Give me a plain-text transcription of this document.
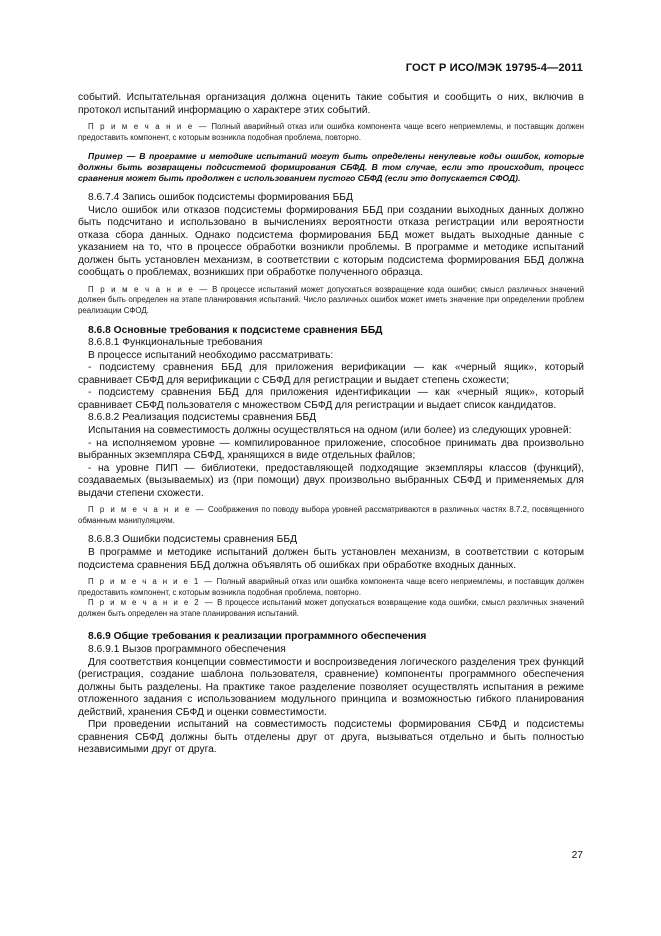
ГОСТ Р ИСО/МЭК 19795-4—2011

событий. Испытательная организация должна оценить такие события и сообщить о них, включив в протокол испытаний информацию о характере этих событий.

П р и м е ч а н и е — Полный аварийный отказ или ошибка компонента чаще всего неприемлемы, и поставщик должен предоставить компонент, с которым возникла подобная проблема, повторно.

Пример — В программе и методике испытаний могут быть определены ненулевые коды ошибок, которые должны быть возвращены подсистемой формирования СБФД. В том случае, если это происходит, процесс сравнения может быть продолжен с использованием пустого СБФД (если это допускается СФОД).

8.6.7.4 Запись ошибок подсистемы формирования ББД

Число ошибок или отказов подсистемы формирования ББД при создании выходных данных должно быть подсчитано и использовано в вычислениях вероятности отказа регистрации или вероятности отказа сбора данных. Однако подсистема формирования ББД может выдать выходные данные с указанием на то, что в процессе обработки возникли проблемы. В программе и методике испытаний должен быть установлен механизм, в соответствии с которым подсистема формирования ББД должна сообщать о проблемах, возникших при обработке полученного образца.

П р и м е ч а н и е — В процессе испытаний может допускаться возвращение кода ошибки; смысл различных значений должен быть определен на этапе планирования испытаний. Число различных ошибок может иметь значение при определении проблем реализации СФОД.

8.6.8 Основные требования к подсистеме сравнения ББД

8.6.8.1 Функциональные требования

В процессе испытаний необходимо рассматривать:

- подсистему сравнения ББД для приложения верификации — как «черный ящик», который сравнивает СБФД для верификации с СБФД для регистрации и выдает степень схожести;

- подсистему сравнения ББД для приложения идентификации — как «черный ящик», который сравнивает СБФД пользователя с множеством СБФД для регистрации и выдает список кандидатов.

8.6.8.2 Реализация подсистемы сравнения ББД

Испытания на совместимость должны осуществляться на одном (или более) из следующих уровней:

- на исполняемом уровне — компилированное приложение, способное принимать два произвольно выбранных экземпляра СБФД, хранящихся в виде отдельных файлов;

- на уровне ПИП — библиотеки, предоставляющей подходящие экземпляры классов (функций), создаваемых (вызываемых) из (при помощи) двух произвольно выбранных СБФД и применяемых для выдачи степени схожести.

П р и м е ч а н и е — Соображения по поводу выбора уровней рассматриваются в различных частях 8.7.2, посвященного обманным манипуляциям.

8.6.8.3 Ошибки подсистемы сравнения ББД

В программе и методике испытаний должен быть установлен механизм, в соответствии с которым подсистема сравнения ББД должна объявлять об ошибках при обработке входных данных.

П р и м е ч а н и е 1 — Полный аварийный отказ или ошибка компонента чаще всего неприемлемы, и поставщик должен предоставить компонент, с которым возникла подобная проблема, повторно.

П р и м е ч а н и е 2 — В процессе испытаний может допускаться возвращение кода ошибки, смысл различных значений должен быть определен на этапе планирования испытаний.

8.6.9 Общие требования к реализации программного обеспечения

8.6.9.1 Вызов программного обеспечения

Для соответствия концепции совместимости и воспроизведения логического разделения трех функций (регистрация, создание шаблона пользователя, сравнение) компоненты программного обеспечения должны быть разделены. На практике такое разделение позволяет осуществлять испытания в режиме отложенного задания с использованием модульного принципа и возможностью гибкого планирования действий, хранения СБФД и оценки совместимости.

При проведении испытаний на совместимость подсистемы формирования СБФД и подсистемы сравнения СБФД должны быть отделены друг от друга, вызываться отдельно и быть полностью независимыми друг от друга.

27
